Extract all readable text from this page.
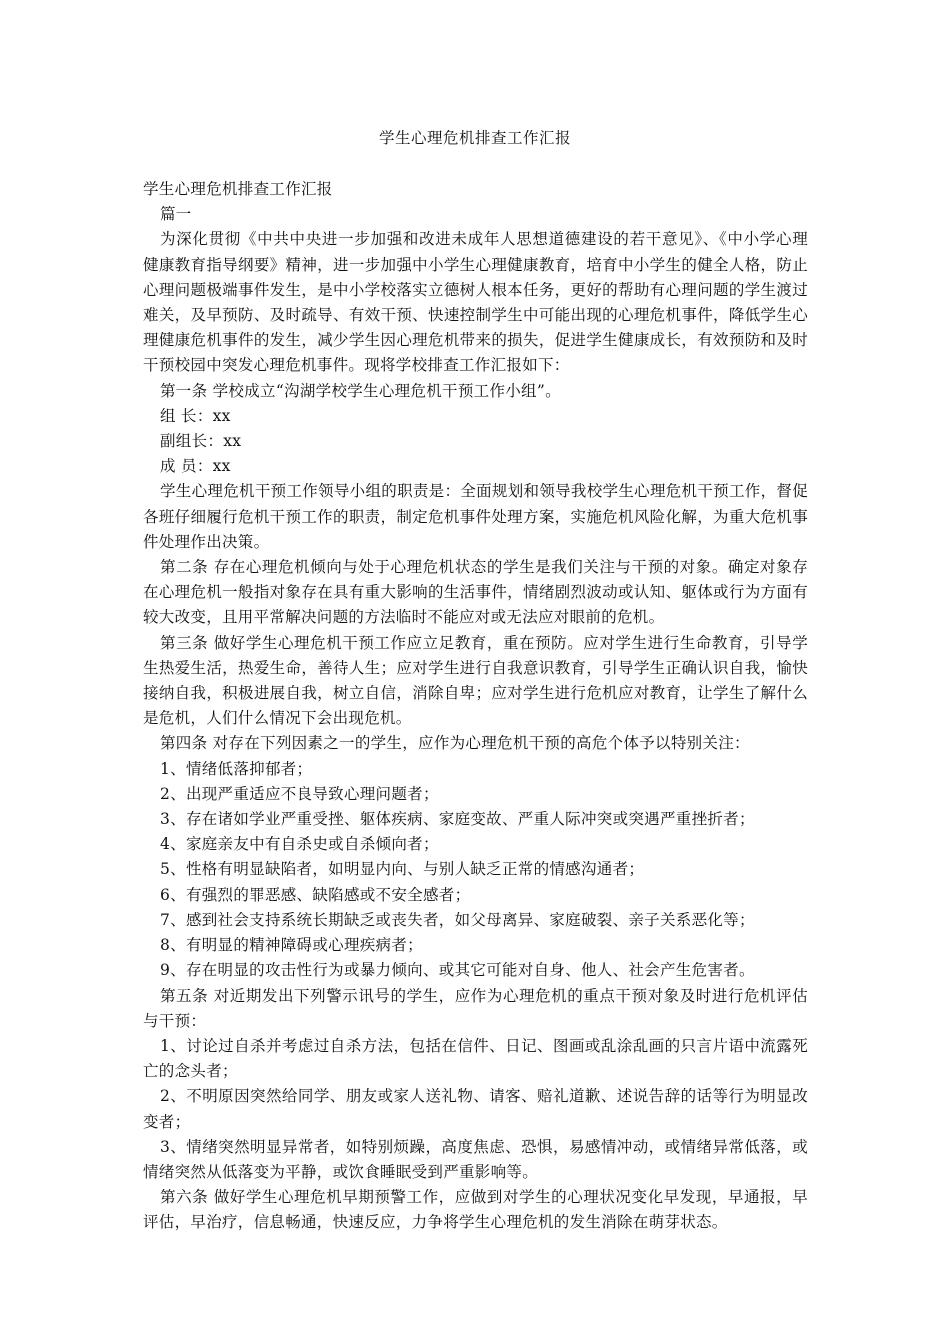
学生心理危机排查工作汇报

学生心理危机排查工作汇报

篇一

为深化贯彻《中共中央进一步加强和改进未成年人思想道德建设的若干意见》、《中小学心理健康教育指导纲要》精神，进一步加强中小学生心理健康教育，培育中小学生的健全人格，防止心理问题极端事件发生，是中小学校落实立德树人根本任务，更好的帮助有心理问题的学生渡过难关，及早预防、及时疏导、有效干预、快速控制学生中可能出现的心理危机事件，降低学生心理健康危机事件的发生，减少学生因心理危机带来的损失，促进学生健康成长，有效预防和及时干预校园中突发心理危机事件。现将学校排查工作汇报如下：

第一条 学校成立“沟湖学校学生心理危机干预工作小组”。

组 长：xx

副组长：xx

成 员：xx

学生心理危机干预工作领导小组的职责是：全面规划和领导我校学生心理危机干预工作，督促各班仔细履行危机干预工作的职责，制定危机事件处理方案，实施危机风险化解，为重大危机事件处理作出决策。

第二条 存在心理危机倾向与处于心理危机状态的学生是我们关注与干预的对象。确定对象存在心理危机一般指对象存在具有重大影响的生活事件，情绪剧烈波动或认知、躯体或行为方面有较大改变，且用平常解决问题的方法临时不能应对或无法应对眼前的危机。

第三条 做好学生心理危机干预工作应立足教育，重在预防。应对学生进行生命教育，引导学生热爱生活，热爱生命，善待人生；应对学生进行自我意识教育，引导学生正确认识自我，愉快接纳自我，积极进展自我，树立自信，消除自卑；应对学生进行危机应对教育，让学生了解什么是危机，人们什么情况下会出现危机。

第四条 对存在下列因素之一的学生，应作为心理危机干预的高危个体予以特别关注：

1、情绪低落抑郁者；

2、出现严重适应不良导致心理问题者；

3、存在诸如学业严重受挫、躯体疾病、家庭变故、严重人际冲突或突遇严重挫折者；

4、家庭亲友中有自杀史或自杀倾向者；

5、性格有明显缺陷者，如明显内向、与别人缺乏正常的情感沟通者；

6、有强烈的罪恶感、缺陷感或不安全感者；

7、感到社会支持系统长期缺乏或丧失者，如父母离异、家庭破裂、亲子关系恶化等；

8、有明显的精神障碍或心理疾病者；

9、存在明显的攻击性行为或暴力倾向、或其它可能对自身、他人、社会产生危害者。

第五条 对近期发出下列警示讯号的学生，应作为心理危机的重点干预对象及时进行危机评估与干预：

1、讨论过自杀并考虑过自杀方法，包括在信件、日记、图画或乱涂乱画的只言片语中流露死亡的念头者；

2、不明原因突然给同学、朋友或家人送礼物、请客、赔礼道歉、述说告辞的话等行为明显改变者；

3、情绪突然明显异常者，如特别烦躁，高度焦虑、恐惧，易感情冲动，或情绪异常低落，或情绪突然从低落变为平静，或饮食睡眠受到严重影响等。

第六条 做好学生心理危机早期预警工作，应做到对学生的心理状况变化早发现，早通报，早评估，早治疗，信息畅通，快速反应，力争将学生心理危机的发生消除在萌芽状态。
